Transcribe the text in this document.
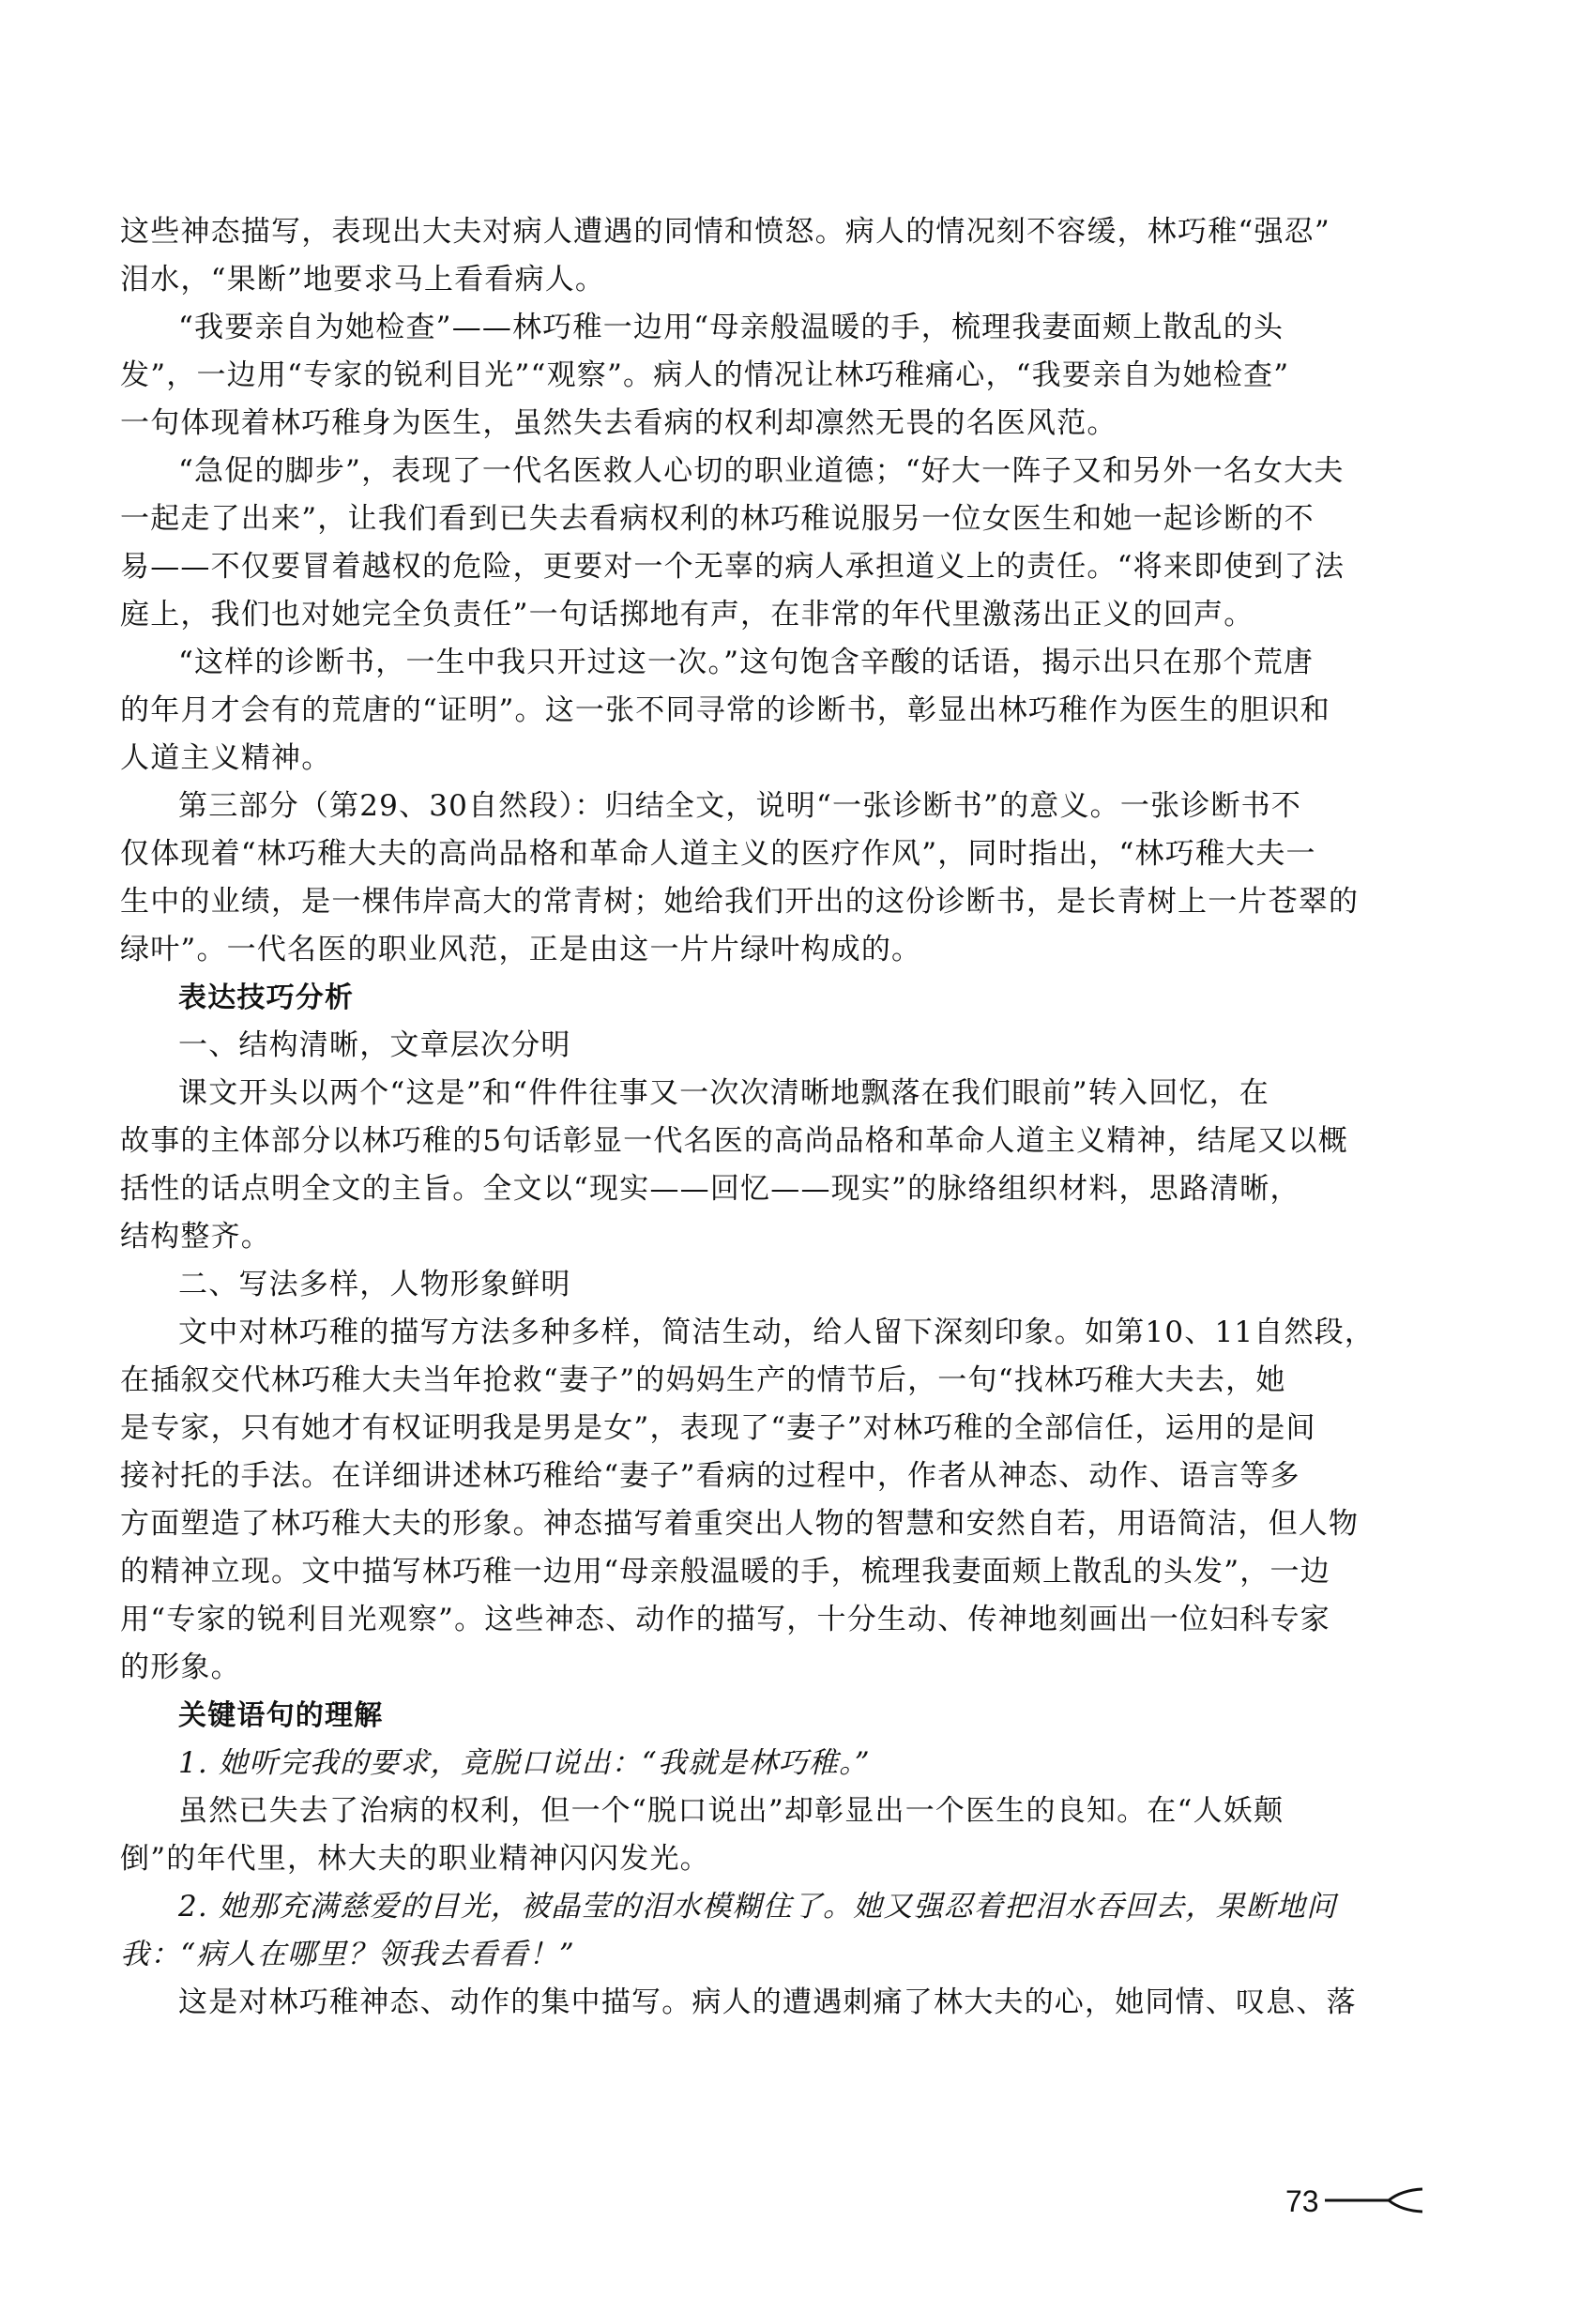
这些神态描写，表现出大夫对病人遭遇的同情和愤怒。病人的情况刻不容缓，林巧稚“强忍”
泪水，“果断”地要求马上看看病人。
“我要亲自为她检查”——林巧稚一边用“母亲般温暖的手，梳理我妻面颊上散乱的头
发”，一边用“专家的锐利目光”“观察”。病人的情况让林巧稚痛心，“我要亲自为她检查”
一句体现着林巧稚身为医生，虽然失去看病的权利却凛然无畏的名医风范。
“急促的脚步”，表现了一代名医救人心切的职业道德；“好大一阵子又和另外一名女大夫
一起走了出来”，让我们看到已失去看病权利的林巧稚说服另一位女医生和她一起诊断的不
易——不仅要冒着越权的危险，更要对一个无辜的病人承担道义上的责任。“将来即使到了法
庭上，我们也对她完全负责任”一句话掷地有声，在非常的年代里激荡出正义的回声。
“这样的诊断书，一生中我只开过这一次。”这句饱含辛酸的话语，揭示出只在那个荒唐
的年月才会有的荒唐的“证明”。这一张不同寻常的诊断书，彰显出林巧稚作为医生的胆识和
人道主义精神。
第三部分（第29、30自然段）：归结全文，说明“一张诊断书”的意义。一张诊断书不
仅体现着“林巧稚大夫的高尚品格和革命人道主义的医疗作风”，同时指出，“林巧稚大夫一
生中的业绩，是一棵伟岸高大的常青树；她给我们开出的这份诊断书，是长青树上一片苍翠的
绿叶”。一代名医的职业风范，正是由这一片片绿叶构成的。
表达技巧分析
一、结构清晰，文章层次分明
课文开头以两个“这是”和“件件往事又一次次清晰地飘落在我们眼前”转入回忆，在
故事的主体部分以林巧稚的5句话彰显一代名医的高尚品格和革命人道主义精神，结尾又以概
括性的话点明全文的主旨。全文以“现实——回忆——现实”的脉络组织材料，思路清晰，
结构整齐。
二、写法多样，人物形象鲜明
文中对林巧稚的描写方法多种多样，简洁生动，给人留下深刻印象。如第10、11自然段，
在插叙交代林巧稚大夫当年抢救“妻子”的妈妈生产的情节后，一句“找林巧稚大夫去，她
是专家，只有她才有权证明我是男是女”，表现了“妻子”对林巧稚的全部信任，运用的是间
接衬托的手法。在详细讲述林巧稚给“妻子”看病的过程中，作者从神态、动作、语言等多
方面塑造了林巧稚大夫的形象。神态描写着重突出人物的智慧和安然自若，用语简洁，但人物
的精神立现。文中描写林巧稚一边用“母亲般温暖的手，梳理我妻面颊上散乱的头发”，一边
用“专家的锐利目光观察”。这些神态、动作的描写，十分生动、传神地刻画出一位妇科专家
的形象。
关键语句的理解
1. 她听完我的要求，竟脱口说出：“我就是林巧稚。”
虽然已失去了治病的权利，但一个“脱口说出”却彰显出一个医生的良知。在“人妖颠
倒”的年代里，林大夫的职业精神闪闪发光。
2. 她那充满慈爱的目光，被晶莹的泪水模糊住了。她又强忍着把泪水吞回去，果断地问
我：“病人在哪里？领我去看看！”
这是对林巧稚神态、动作的集中描写。病人的遭遇刺痛了林大夫的心，她同情、叹息、落
73
